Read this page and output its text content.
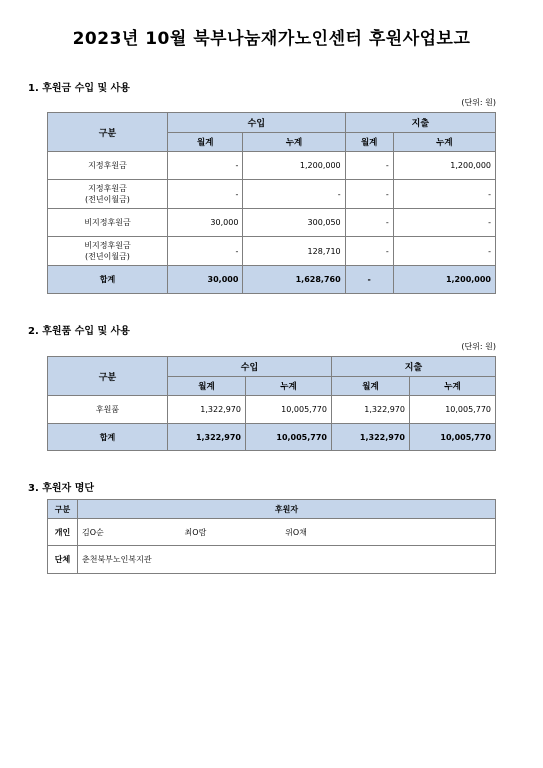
2023년 10월 북부나눔재가노인센터 후원사업보고
1. 후원금 수입 및 사용
(단위: 원)
구분	수입		지출	
	월계	누계	월계	누계
지정후원금	-	1,200,000	-	1,200,000

지정후원금
(전년이월금)	-	-	-	-
비지정후원금	30,000	300,050	-	-

비지정후원금
(전년이월금)	-	128,710	-	-
합계	30,000	1,628,760	-	1,200,000
2. 후원품 수입 및 사용
(단위: 원)
구분	수입		지출	
	월계	누계	월계	누계
후원품	1,322,970	10,005,770	1,322,970	10,005,770
합계	1,322,970	10,005,770	1,322,970	10,005,770
3. 후원자 명단
구분	후원자
개인	김O순 최O람 위O채
단체	춘천북부노인복지관
